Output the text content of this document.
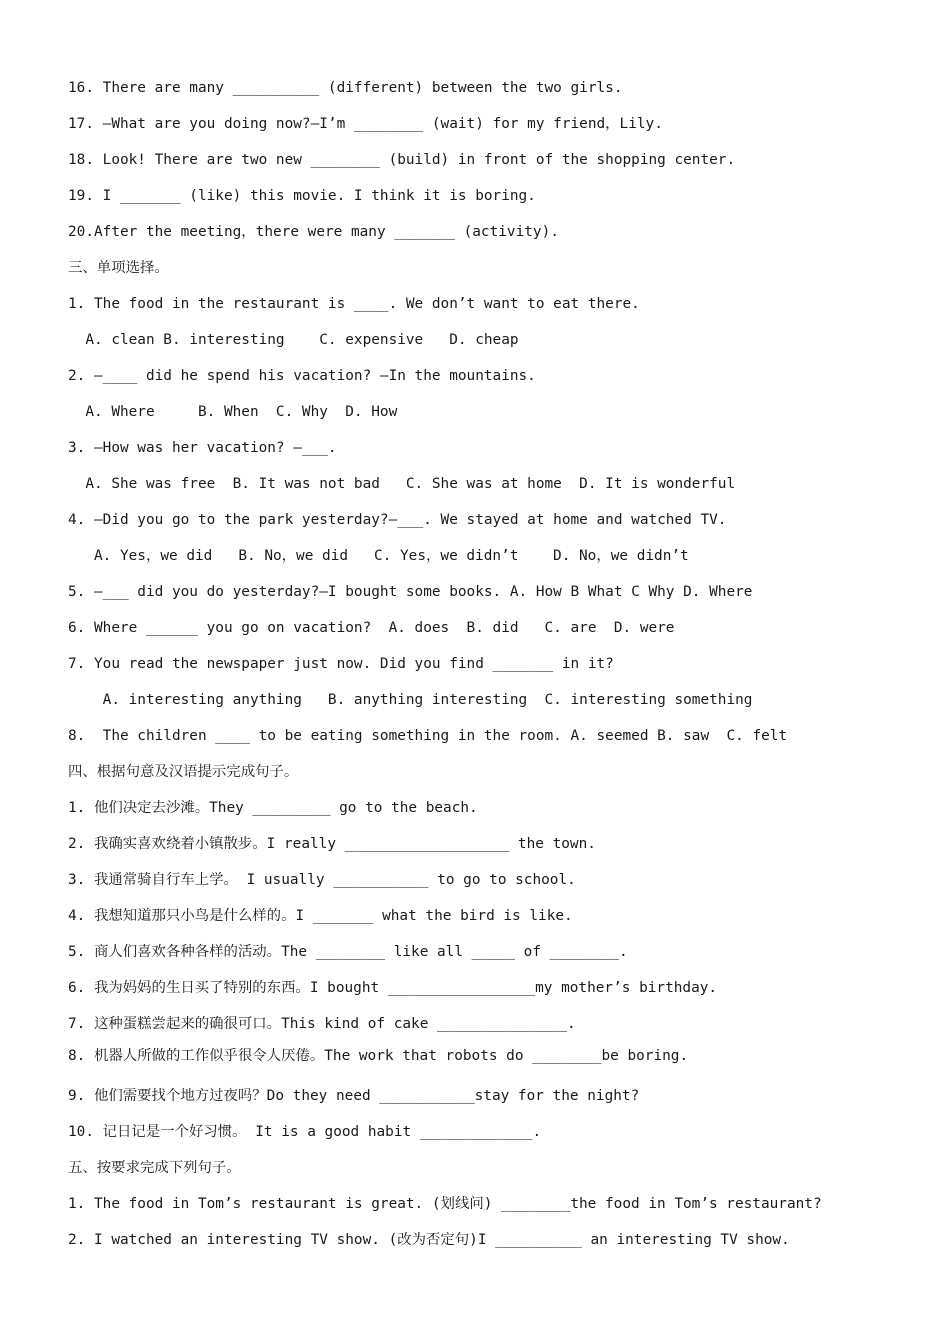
16. There are many __________ (different) between the two girls.
17. —What are you doing now?—I’m ________ (wait) for my friend，Lily.
18. Look! There are two new ________ (build) in front of the shopping center.
19. I _______ (like) this movie. I think it is boring.
20.After the meeting，there were many _______ (activity).
三、单项选择。
1. The food in the restaurant is ____. We don’t want to eat there.
A. clean B. interesting    C. expensive   D. cheap
2. —____ did he spend his vacation? —In the mountains.
A. Where     B. When  C. Why  D. How
3. —How was her vacation? —___.
A. She was free  B. It was not bad   C. She was at home  D. It is wonderful
4. —Did you go to the park yesterday?—___. We stayed at home and watched TV.
A. Yes，we did   B. No，we did   C. Yes，we didn’t    D. No，we didn’t
5. —___ did you do yesterday?—I bought some books. A. How B What C Why D. Where
6. Where ______ you go on vacation?  A. does  B. did   C. are  D. were
7. You read the newspaper just now. Did you find _______ in it?
A. interesting anything   B. anything interesting  C. interesting something
8.  The children ____ to be eating something in the room. A. seemed B. saw  C. felt
四、根据句意及汉语提示完成句子。
1. 他们决定去沙滩。They _________ go to the beach.
2. 我确实喜欢绕着小镇散步。I really ___________________ the town.
3. 我通常骑自行车上学。 I usually ___________ to go to school.
4. 我想知道那只小鸟是什么样的。I _______ what the bird is like.
5. 商人们喜欢各种各样的活动。The ________ like all _____ of ________.
6. 我为妈妈的生日买了特别的东西。I bought _________________my mother’s birthday.
7. 这种蛋糕尝起来的确很可口。This kind of cake _______________.
8. 机器人所做的工作似乎很令人厌倦。The work that robots do ________be boring.
9. 他们需要找个地方过夜吗？Do they need ___________stay for the night?
10. 记日记是一个好习惯。 It is a good habit _____________.
五、按要求完成下列句子。
1. The food in Tom’s restaurant is great. (划线问) ________the food in Tom’s restaurant?
2. I watched an interesting TV show. (改为否定句)I __________ an interesting TV show.
